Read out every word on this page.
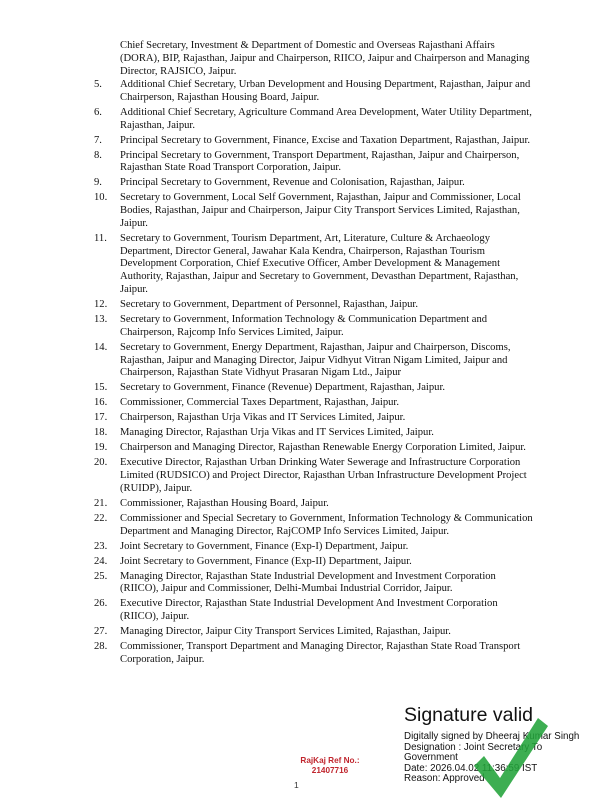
Chief Secretary, Investment & Department of Domestic and Overseas Rajasthani Affairs (DORA), BIP, Rajasthan, Jaipur and Chairperson, RIICO, Jaipur and Chairperson and Managing Director, RAJSICO, Jaipur.

5.	Additional Chief Secretary, Urban Development and Housing Department, Rajasthan, Jaipur and Chairperson, Rajasthan Housing Board, Jaipur.
6.	Additional Chief Secretary, Agriculture Command Area Development, Water Utility Department, Rajasthan, Jaipur.
7.	Principal Secretary to Government, Finance, Excise and Taxation Department, Rajasthan, Jaipur.
8.	Principal Secretary to Government, Transport Department, Rajasthan, Jaipur and Chairperson, Rajasthan State Road Transport Corporation, Jaipur.
9.	Principal Secretary to Government, Revenue and Colonisation, Rajasthan, Jaipur.
10.	Secretary to Government, Local Self Government, Rajasthan, Jaipur and Commissioner, Local Bodies, Rajasthan, Jaipur and Chairperson, Jaipur City Transport Services Limited, Rajasthan, Jaipur.
11.	Secretary to Government, Tourism Department, Art, Literature, Culture & Archaeology Department, Director General, Jawahar Kala Kendra, Chairperson, Rajasthan Tourism Development Corporation, Chief Executive Officer, Amber Development & Management Authority, Rajasthan, Jaipur and Secretary to Government, Devasthan Department, Rajasthan, Jaipur.
12.	Secretary to Government, Department of Personnel, Rajasthan, Jaipur.
13.	Secretary to Government, Information Technology & Communication Department and Chairperson, Rajcomp Info Services Limited, Jaipur.
14.	Secretary to Government, Energy Department, Rajasthan, Jaipur and Chairperson, Discoms, Rajasthan, Jaipur and Managing Director, Jaipur Vidhyut Vitran Nigam Limited, Jaipur and Chairperson, Rajasthan State Vidhyut Prasaran Nigam Ltd., Jaipur
15.	Secretary to Government, Finance (Revenue) Department, Rajasthan, Jaipur.
16.	Commissioner, Commercial Taxes Department, Rajasthan, Jaipur.
17.	Chairperson, Rajasthan Urja Vikas and IT Services Limited, Jaipur.
18.	Managing Director, Rajasthan Urja Vikas and IT Services Limited, Jaipur.
19.	Chairperson and Managing Director, Rajasthan Renewable Energy Corporation Limited, Jaipur.
20.	Executive Director, Rajasthan Urban Drinking Water Sewerage and Infrastructure Corporation Limited (RUDSICO) and Project Director, Rajasthan Urban Infrastructure Development Project (RUIDP), Jaipur.
21.	Commissioner, Rajasthan Housing Board, Jaipur.
22.	Commissioner and Special Secretary to Government, Information Technology & Communication Department and Managing Director, RajCOMP Info Services Limited, Jaipur.
23.	Joint Secretary to Government, Finance (Exp-I) Department, Jaipur.
24.	Joint Secretary to Government, Finance (Exp-II) Department, Jaipur.
25.	Managing Director, Rajasthan State Industrial Development and Investment Corporation (RIICO), Jaipur and Commissioner, Delhi-Mumbai Industrial Corridor, Jaipur.
26.	Executive Director, Rajasthan State Industrial Development And Investment Corporation (RIICO), Jaipur.
27.	Managing Director, Jaipur City Transport Services Limited, Rajasthan, Jaipur.
28.	Commissioner, Transport Department and Managing Director, Rajasthan State Road Transport Corporation, Jaipur.
Signature valid
Digitally signed by Dheeraj Kumar Singh
Designation : Joint Secretary To
Government
Date: 2026.04.02 11:36:59 IST
Reason: Approved
RajKaj Ref No.:
21407716
1
